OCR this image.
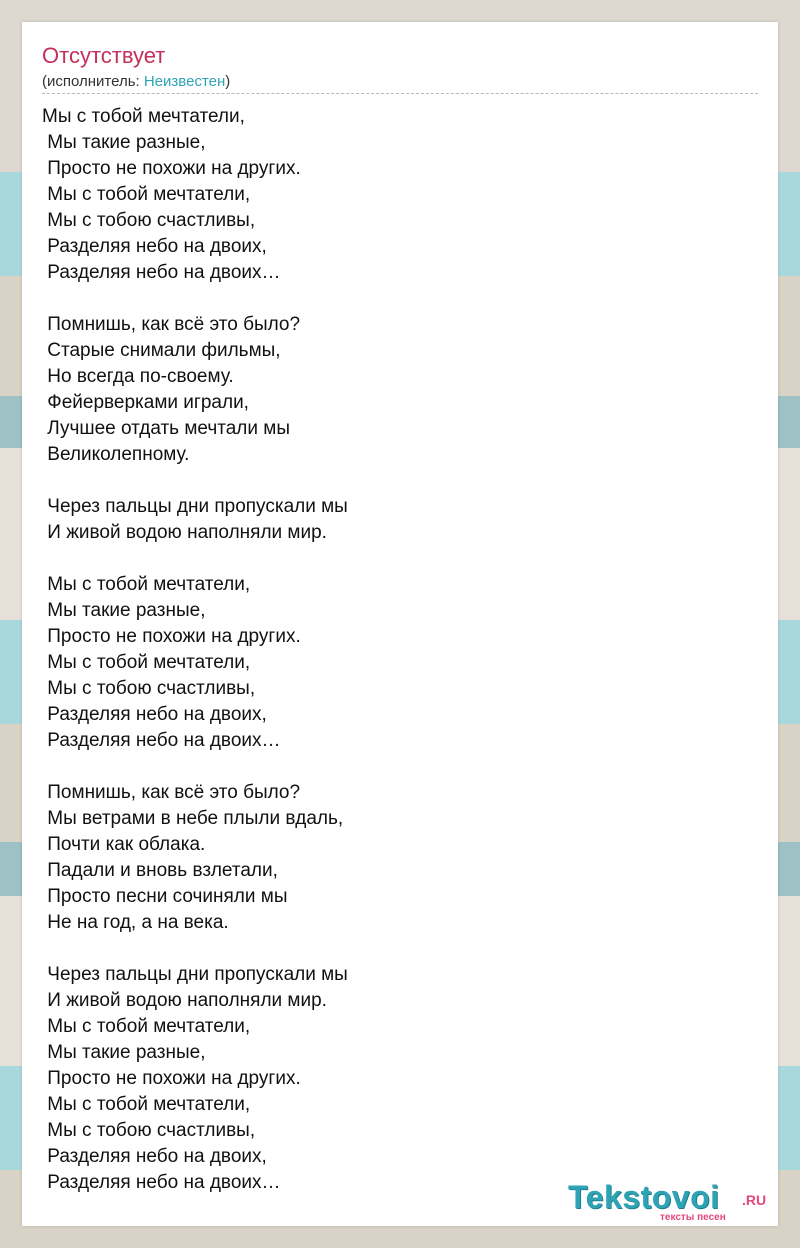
Отсутствует
(исполнитель: Неизвестен)
Мы с тобой мечтатели,
Мы такие разные,
Просто не похожи на других.
Мы с тобой мечтатели,
Мы с тобою счастливы,
Разделяя небо на двоих,
Разделяя небо на двоих…
Помнишь, как всё это было?
Старые снимали фильмы,
Но всегда по-своему.
Фейерверками играли,
Лучшее отдать мечтали мы
Великолепному.
Через пальцы дни пропускали мы
И живой водою наполняли мир.
Мы с тобой мечтатели,
Мы такие разные,
Просто не похожи на других.
Мы с тобой мечтатели,
Мы с тобою счастливы,
Разделяя небо на двоих,
Разделяя небо на двоих…
Помнишь, как всё это было?
Мы ветрами в небе плыли вдаль,
Почти как облака.
Падали и вновь взлетали,
Просто песни сочиняли мы
Не на год, а на века.
Через пальцы дни пропускали мы
И живой водою наполняли мир.
Мы с тобой мечтатели,
Мы такие разные,
Просто не похожи на других.
Мы с тобой мечтатели,
Мы с тобою счастливы,
Разделяя небо на двоих,
Разделяя небо на двоих…	Tekstovoi .RU
тексты песен
